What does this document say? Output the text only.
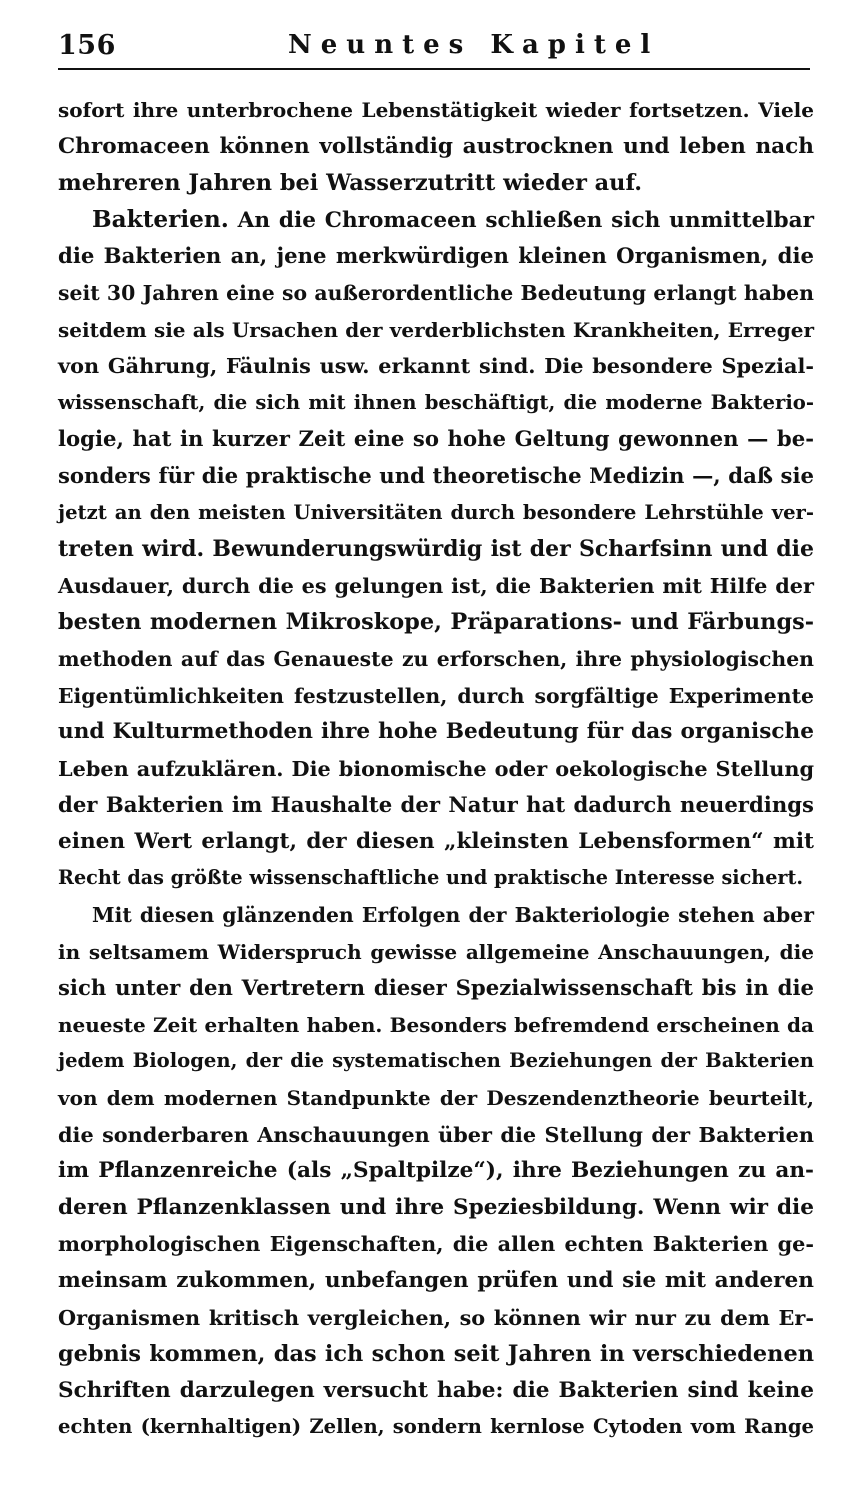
156	Neuntes Kapitel
sofort ihre unterbrochene Lebenstätigkeit wieder fortsetzen. Viele
Chromaceen können vollständig austrocknen und leben nach
mehreren Jahren bei Wasserzutritt wieder auf.
Bakterien. An die Chromaceen schließen sich unmittelbar
die Bakterien an, jene merkwürdigen kleinen Organismen, die
seit 30 Jahren eine so außerordentliche Bedeutung erlangt haben
seitdem sie als Ursachen der verderblichsten Krankheiten, Erreger
von Gährung, Fäulnis usw. erkannt sind. Die besondere Spezial-
wissenschaft, die sich mit ihnen beschäftigt, die moderne Bakterio-
logie, hat in kurzer Zeit eine so hohe Geltung gewonnen — be-
sonders für die praktische und theoretische Medizin —, daß sie
jetzt an den meisten Universitäten durch besondere Lehrstühle ver-
treten wird. Bewunderungswürdig ist der Scharfsinn und die
Ausdauer, durch die es gelungen ist, die Bakterien mit Hilfe der
besten modernen Mikroskope, Präparations- und Färbungs-
methoden auf das Genaueste zu erforschen, ihre physiologischen
Eigentümlichkeiten festzustellen, durch sorgfältige Experimente
und Kulturmethoden ihre hohe Bedeutung für das organische
Leben aufzuklären. Die bionomische oder oekologische Stellung
der Bakterien im Haushalte der Natur hat dadurch neuerdings
einen Wert erlangt, der diesen „kleinsten Lebensformen“ mit
Recht das größte wissenschaftliche und praktische Interesse sichert.
Mit diesen glänzenden Erfolgen der Bakteriologie stehen aber
in seltsamem Widerspruch gewisse allgemeine Anschauungen, die
sich unter den Vertretern dieser Spezialwissenschaft bis in die
neueste Zeit erhalten haben. Besonders befremdend erscheinen da
jedem Biologen, der die systematischen Beziehungen der Bakterien
von dem modernen Standpunkte der Deszendenztheorie beurteilt,
die sonderbaren Anschauungen über die Stellung der Bakterien
im Pflanzenreiche (als „Spaltpilze“), ihre Beziehungen zu an-
deren Pflanzenklassen und ihre Speziesbildung. Wenn wir die
morphologischen Eigenschaften, die allen echten Bakterien ge-
meinsam zukommen, unbefangen prüfen und sie mit anderen
Organismen kritisch vergleichen, so können wir nur zu dem Er-
gebnis kommen, das ich schon seit Jahren in verschiedenen
Schriften darzulegen versucht habe: die Bakterien sind keine
echten (kernhaltigen) Zellen, sondern kernlose Cytoden vom Range
